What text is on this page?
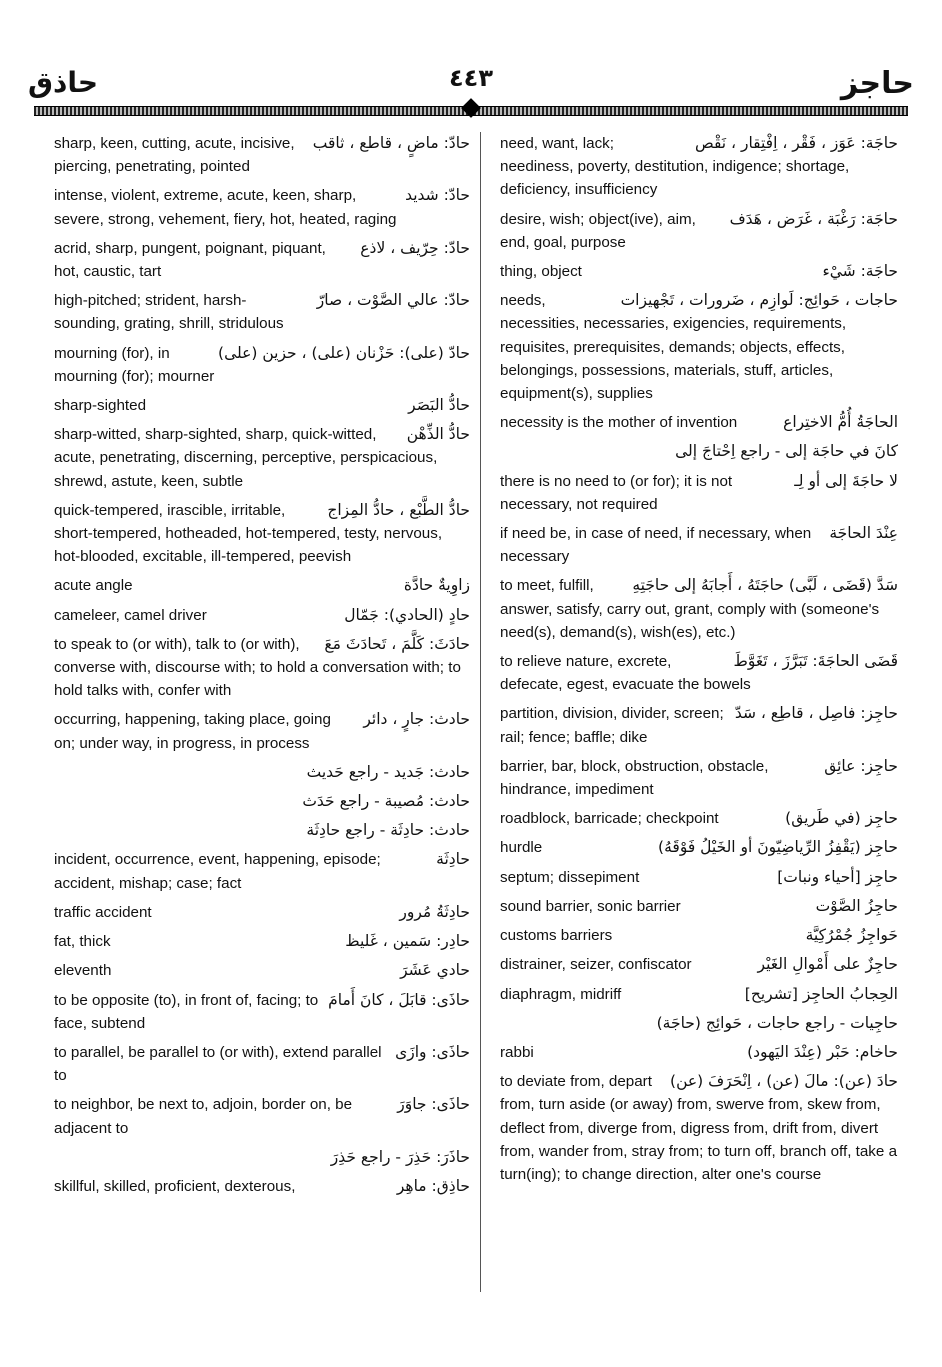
حاذق	٤٤٣	حاجز
حادّ: ماضٍ ، قاطع ، ثاقب
sharp, keen, cutting, acute, incisive, piercing, penetrating, pointed
حادّ: شديد
intense, violent, extreme, acute, keen, sharp, severe, strong, vehement, fiery, hot, heated, raging
حادّ: حِرّيف ، لاذع
acrid, sharp, pungent, poignant, piquant, hot, caustic, tart
حادّ: عالي الصَّوْت ، صارّ
high-pitched; strident, harsh-sounding, grating, shrill, stridulous
حادّ (على): حَزْنان (على) ، حزين (على)
mourning (for), in mourning (for); mourner
حادُّ البَصَر
sharp-sighted
حادُّ الذِّهْن
sharp-witted, sharp-sighted, sharp, quick-witted, acute, penetrating, discerning, perceptive, perspicacious, shrewd, astute, keen, subtle
حادُّ الطَّبْع ، حادُّ المِزاج
quick-tempered, irascible, irritable, short-tempered, hotheaded, hot-tempered, testy, nervous, hot-blooded, excitable, ill-tempered, peevish
زاوِيةٌ حادَّة
acute angle
حادٍ (الحادي): جَمّال
cameleer, camel driver
حادَثَ: كَلَّمَ ، تَحادَثَ مَعَ
to speak to (or with), talk to (or with), converse with, discourse with; to hold a conversation with; to hold talks with, confer with
حادث: جارٍ ، دائر
occurring, happening, taking place, going on; under way, in progress, in process
حادث: جَديد - راجع حَديث
حادث: مُصيبة - راجع حَدَث
حادث: حادِثَة - راجع حادِثَة
حادِثَة
incident, occurrence, event, happening, episode; accident, mishap; case; fact
حادِثَةُ مُرور
traffic accident
حادِر: سَمين ، غَليظ
fat, thick
حادي عَشَرَ
eleventh
حاذَى: قابَلَ ، كانَ أَمامَ
to be opposite (to), in front of, facing; to face, subtend
حاذَى: وازَى
to parallel, be parallel to (or with), extend parallel to
حاذَى: جاوَرَ
to neighbor, be next to, adjoin, border on, be adjacent to
حاذَرَ: حَذِرَ - راجع حَذِرَ
حاذِق: ماهِر
skillful, skilled, proficient, dexterous,
حاجَة: عَوَز ، فَقْر ، اِفْتِقار ، نَقْص
need, want, lack; neediness, poverty, destitution, indigence; shortage, deficiency, insufficiency
حاجَة: رَغْبَة ، غَرَض ، هَدَف
desire, wish; object(ive), aim, end, goal, purpose
حاجَة: شَيْء
thing, object
حاجات ، حَوائِج: لَوازِم ، ضَرورات ، تَجْهيزات
needs, necessities, necessaries, exigencies, requirements, requisites, prerequisites, demands; objects, effects, belongings, possessions, materials, stuff, articles, equipment(s), supplies
الحاجَةُ أُمُّ الاختِراع
necessity is the mother of invention
كانَ في حاجَة إلى - راجع اِحْتاجَ إلى
لا حاجَةَ إلى أو لِـ
there is no need to (or for); it is not necessary, not required
عِنْدَ الحاجَة
if need be, in case of need, if necessary, when necessary
سَدَّ (قَضَى ، لَبَّى) حاجَتَهُ ، أَجابَهُ إلى حاجَتِهِ
to meet, fulfill, answer, satisfy, carry out, grant, comply with (someone's need(s), demand(s), wish(es), etc.)
قَضَى الحاجَةَ: تَبَرَّزَ ، تَغَوَّطَ
to relieve nature, excrete, defecate, egest, evacuate the bowels
حاجِز: فاصِل ، قاطِع ، سَدّ
partition, division, divider, screen; rail; fence; baffle; dike
حاجِز: عائِق
barrier, bar, block, obstruction, obstacle, hindrance, impediment
حاجِز (في طَريق)
roadblock, barricade; checkpoint
حاجِز (يَقْفِزُ الرِّياضِيّونَ أو الخَيْلُ فَوْقَهُ)
hurdle
حاجِز [أحياء ونبات]
septum; dissepiment
حاجِزُ الصَّوْت
sound barrier, sonic barrier
حَواجِزُ جُمْرُكِيَّة
customs barriers
حاجِزٌ على أَمْوالِ الغَيْر
distrainer, seizer, confiscator
الحِجابُ الحاجِز [تشريح]
diaphragm, midriff
حاجِيات - راجع حاجات ، حَوائِج (حاجَة)
حاخام: حَبْر (عِنْدَ اليَهود)
rabbi
حادَ (عن): مالَ (عن) ، اِنْحَرَفَ (عن)
to deviate from, depart from, turn aside (or away) from, swerve from, skew from, deflect from, diverge from, digress from, drift from, divert from, wander from, stray from; to turn off, branch off, take a turn(ing); to change direction, alter one's course
